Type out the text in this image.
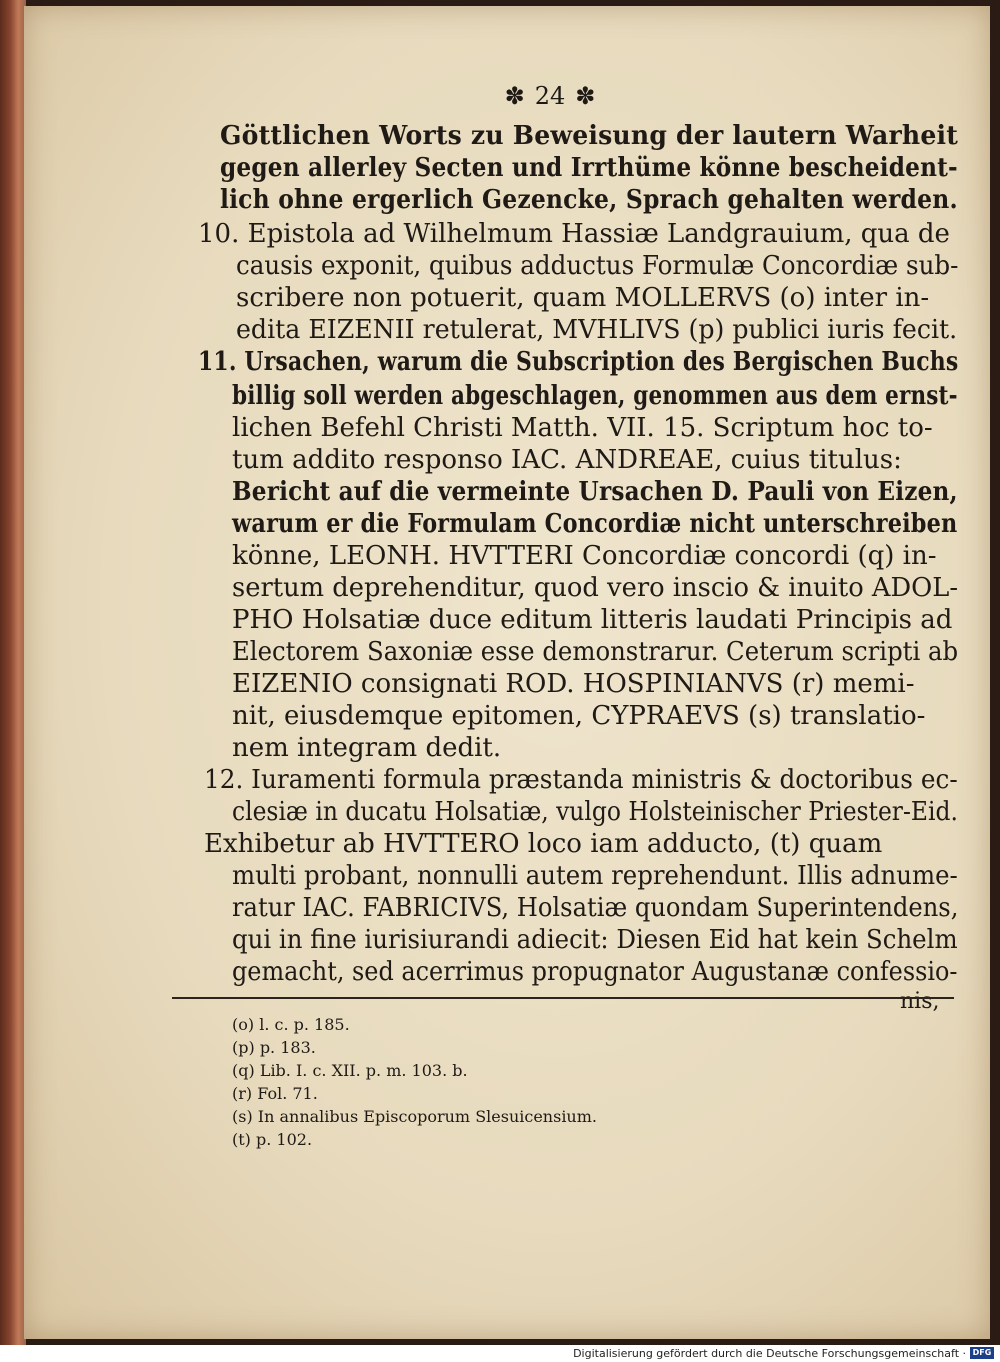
✽ 24 ✽
Göttlichen Worts zu Beweisung der lautern Warheit
gegen allerley Secten und Irrthüme könne bescheident-
lich ohne ergerlich Gezencke, Sprach gehalten werden.
10. Epistola ad Wilhelmum Hassiæ Landgrauium, qua de
causis exponit, quibus adductus Formulæ Concordiæ sub-
scribere non potuerit, quam MOLLERVS (o) inter in-
edita EIZENII retulerat, MVHLIVS (p) publici iuris fecit.
11. Ursachen, warum die Subscription des Bergischen Buchs
billig soll werden abgeschlagen, genommen aus dem ernst-
lichen Befehl Christi Matth. VII. 15. Scriptum hoc to-
tum addito responso IAC. ANDREAE, cuius titulus:
Bericht auf die vermeinte Ursachen D. Pauli von Eizen,
warum er die Formulam Concordiæ nicht unterschreiben
könne, LEONH. HVTTERI Concordiæ concordi (q) in-
sertum deprehenditur, quod vero inscio & inuito ADOL-
PHO Holsatiæ duce editum litteris laudati Principis ad
Electorem Saxoniæ esse demonstrarur. Ceterum scripti ab
EIZENIO consignati ROD. HOSPINIANVS (r) memi-
nit, eiusdemque epitomen, CYPRAEVS (s) translatio-
nem integram dedit.
12. Iuramenti formula præstanda ministris & doctoribus ec-
clesiæ in ducatu Holsatiæ, vulgo Holsteinischer Priester-Eid.
Exhibetur ab HVTTERO loco iam adducto, (t) quam
multi probant, nonnulli autem reprehendunt. Illis adnume-
ratur IAC. FABRICIVS, Holsatiæ quondam Superintendens,
qui in fine iurisiurandi adiecit: Diesen Eid hat kein Schelm
gemacht, sed acerrimus propugnator Augustanæ confessio-
nis,
(o) l. c. p. 185.
(p) p. 183.
(q) Lib. I. c. XII. p. m. 103. b.
(r) Fol. 71.
(s) In annalibus Episcoporum Slesuicensium.
(t) p. 102.
Digitalisierung gefördert durch die Deutsche Forschungsgemeinschaft · DFG
